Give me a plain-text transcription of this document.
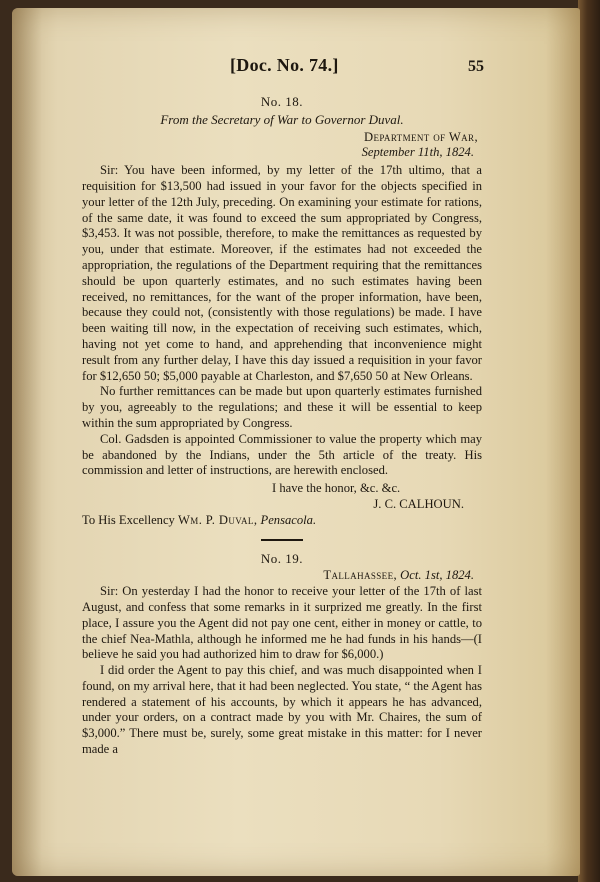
[Doc. No. 74.]	55
No. 18.
From the Secretary of War to Governor Duval.
Department of War,
September 11th, 1824.

Sir: You have been informed, by my letter of the 17th ultimo, that a requisition for $13,500 had issued in your favor for the objects specified in your letter of the 12th July, preceding. On examining your estimate for rations, of the same date, it was found to exceed the sum appropriated by Congress, $3,453. It was not possible, therefore, to make the remittances as requested by you, under that estimate. Moreover, if the estimates had not exceeded the appropriation, the regulations of the Department requiring that the remittances should be upon quarterly estimates, and no such estimates having been received, no remittances, for the want of the proper information, have been, because they could not, (consistently with those regulations) be made. I have been waiting till now, in the expectation of receiving such estimates, which, having not yet come to hand, and apprehending that inconvenience might result from any further delay, I have this day issued a requisition in your favor for $12,650 50; $5,000 payable at Charleston, and $7,650 50 at New Orleans.

No further remittances can be made but upon quarterly estimates furnished by you, agreeably to the regulations; and these it will be essential to keep within the sum appropriated by Congress.

Col. Gadsden is appointed Commissioner to value the property which may be abandoned by the Indians, under the 5th article of the treaty. His commission and letter of instructions, are herewith enclosed.

I have the honor, &c. &c.
J. C. CALHOUN.

To His Excellency Wm. P. Duval, Pensacola.

No. 19.
Tallahassee, Oct. 1st, 1824.

Sir: On yesterday I had the honor to receive your letter of the 17th of last August, and confess that some remarks in it surprized me greatly. In the first place, I assure you the Agent did not pay one cent, either in money or cattle, to the chief Nea-Mathla, although he informed me he had funds in his hands—(I believe he said you had authorized him to draw for $6,000.)

I did order the Agent to pay this chief, and was much disappointed when I found, on my arrival here, that it had been neglected. You state, “ the Agent has rendered a statement of his accounts, by which it appears he has advanced, under your orders, on a contract made by you with Mr. Chaires, the sum of $3,000.” There must be, surely, some great mistake in this matter: for I never made a
